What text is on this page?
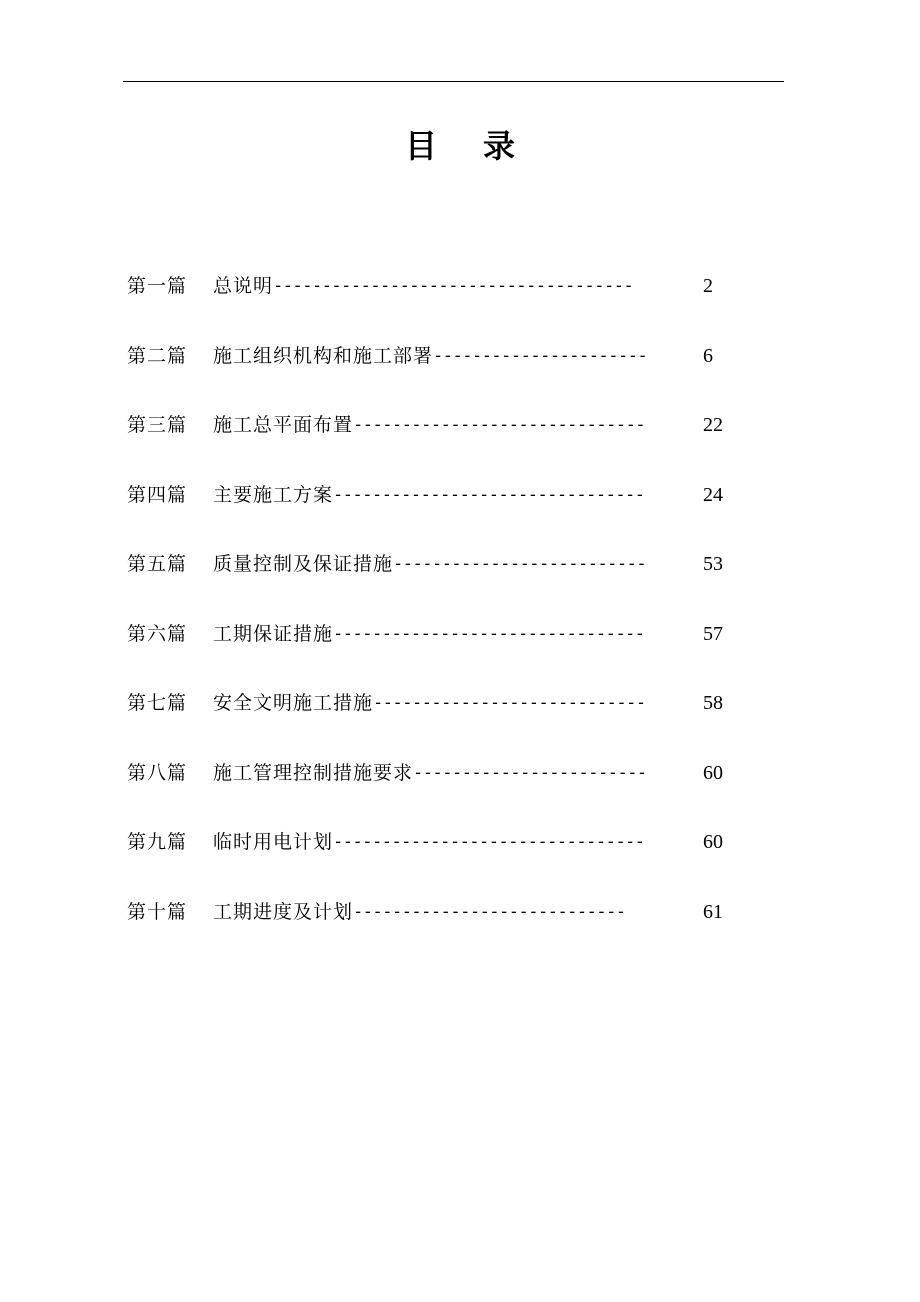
目 录
第一篇	总说明 -------------------------------------	2
第二篇	施工组织机构和施工部署 ----------------------	6
第三篇	施工总平面布置 ------------------------------	22
第四篇	主要施工方案 --------------------------------	24
第五篇	质量控制及保证措施 --------------------------	53
第六篇	工期保证措施 --------------------------------	57
第七篇	安全文明施工措施 ----------------------------	58
第八篇	施工管理控制措施要求 ------------------------	60
第九篇	临时用电计划 --------------------------------	60
第十篇	工期进度及计划 ----------------------------	61
